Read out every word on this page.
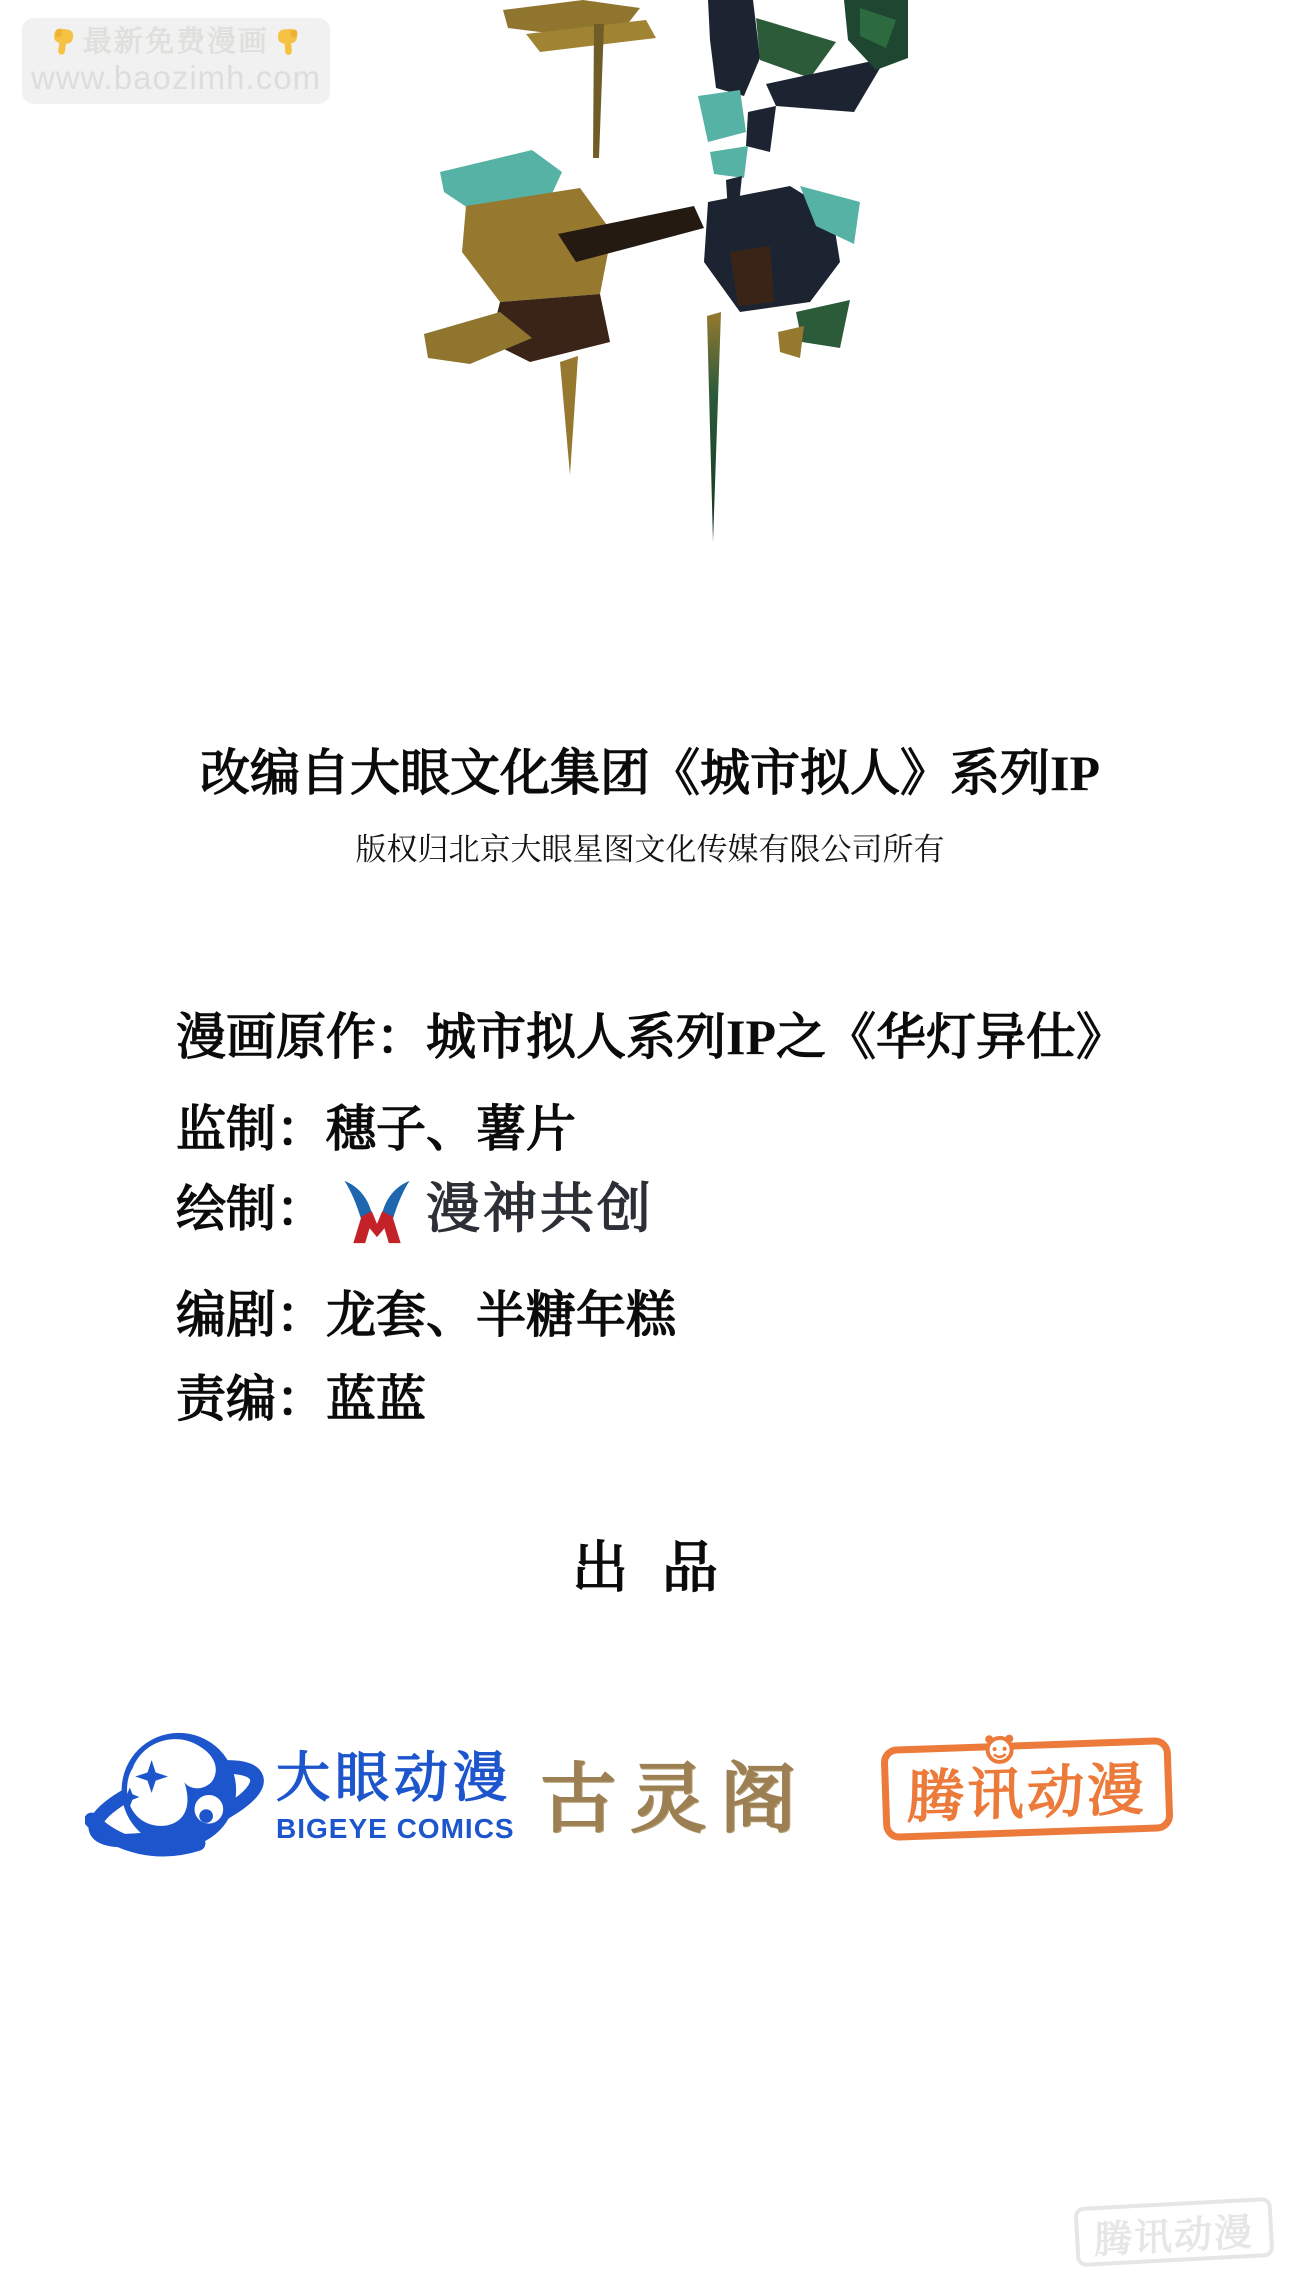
最新免费漫画
www.baozimh.com
改编自大眼文化集团《城市拟人》系列IP
版权归北京大眼星图文化传媒有限公司所有
漫画原作：城市拟人系列IP之《华灯异仕》
监制：穗子、薯片
绘制： 漫神共创
编剧：龙套、半糖年糕
责编：蓝蓝
出 品
大眼动漫
BIGEYE COMICS 古灵阁 腾讯动漫
腾讯动漫
